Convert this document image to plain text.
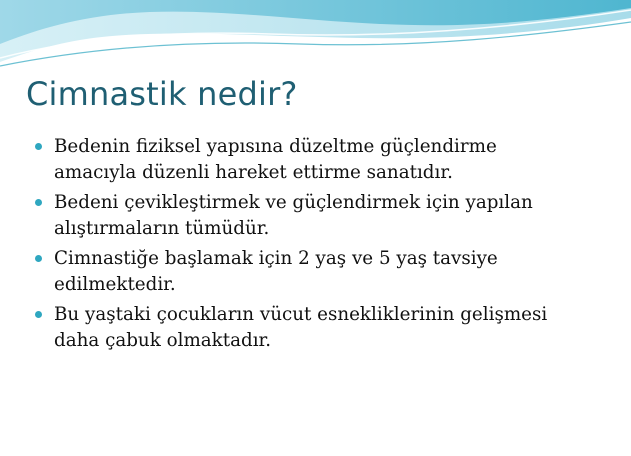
Cimnastik nedir?
Bedenin fiziksel yapısına düzeltme güçlendirme
amacıyla düzenli hareket ettirme sanatıdır.
Bedeni çevikleştirmek ve güçlendirmek için yapılan
alıştırmaların tümüdür.
Cimnastiğe başlamak için 2 yaş ve 5 yaş tavsiye
edilmektedir.
Bu yaştaki çocukların vücut esnekliklerinin gelişmesi
daha çabuk olmaktadır.
